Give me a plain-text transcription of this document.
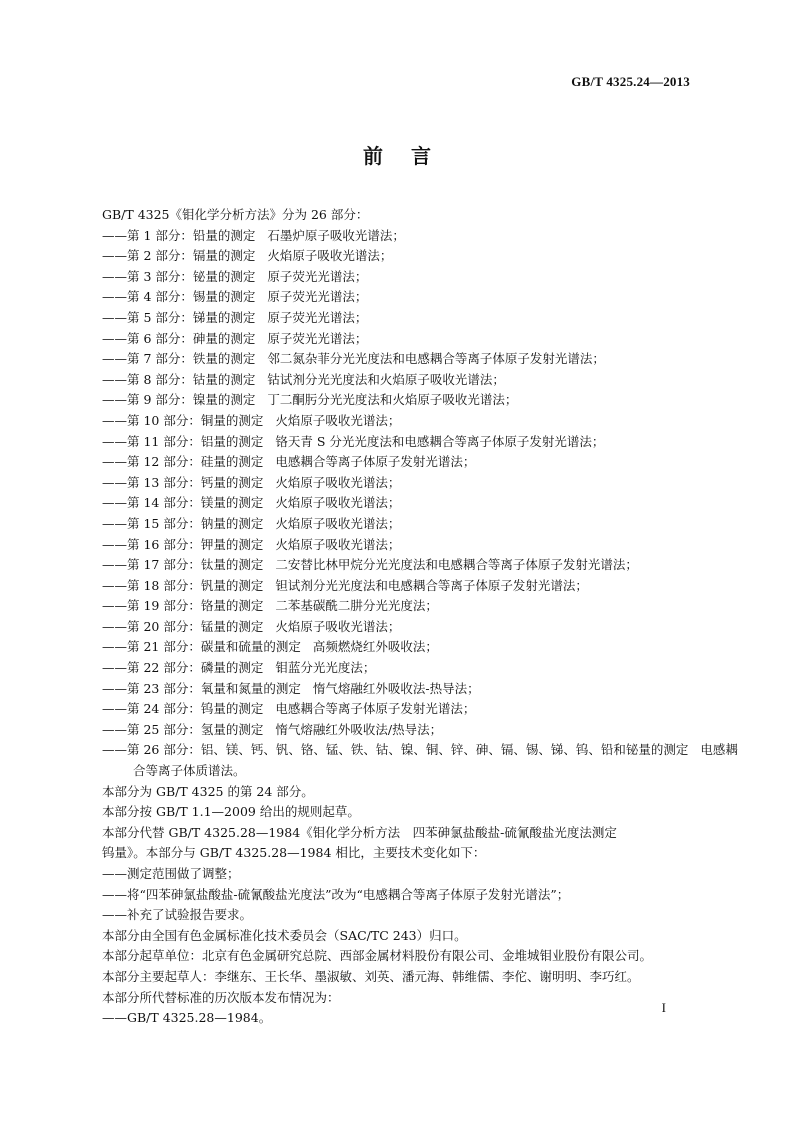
GB/T 4325.24—2013
前言
GB/T 4325《钼化学分析方法》分为 26 部分：
——第 1 部分：铅量的测定 石墨炉原子吸收光谱法；
——第 2 部分：镉量的测定 火焰原子吸收光谱法；
——第 3 部分：铋量的测定 原子荧光光谱法；
——第 4 部分：锡量的测定 原子荧光光谱法；
——第 5 部分：锑量的测定 原子荧光光谱法；
——第 6 部分：砷量的测定 原子荧光光谱法；
——第 7 部分：铁量的测定 邻二氮杂菲分光光度法和电感耦合等离子体原子发射光谱法；
——第 8 部分：钴量的测定 钴试剂分光光度法和火焰原子吸收光谱法；
——第 9 部分：镍量的测定 丁二酮肟分光光度法和火焰原子吸收光谱法；
——第 10 部分：铜量的测定 火焰原子吸收光谱法；
——第 11 部分：铝量的测定 铬天青 S 分光光度法和电感耦合等离子体原子发射光谱法；
——第 12 部分：硅量的测定 电感耦合等离子体原子发射光谱法；
——第 13 部分：钙量的测定 火焰原子吸收光谱法；
——第 14 部分：镁量的测定 火焰原子吸收光谱法；
——第 15 部分：钠量的测定 火焰原子吸收光谱法；
——第 16 部分：钾量的测定 火焰原子吸收光谱法；
——第 17 部分：钛量的测定 二安替比林甲烷分光光度法和电感耦合等离子体原子发射光谱法；
——第 18 部分：钒量的测定 钽试剂分光光度法和电感耦合等离子体原子发射光谱法；
——第 19 部分：铬量的测定 二苯基碳酰二肼分光光度法；
——第 20 部分：锰量的测定 火焰原子吸收光谱法；
——第 21 部分：碳量和硫量的测定 高频燃烧红外吸收法；
——第 22 部分：磷量的测定 钼蓝分光光度法；
——第 23 部分：氧量和氮量的测定 惰气熔融红外吸收法-热导法；
——第 24 部分：钨量的测定 电感耦合等离子体原子发射光谱法；
——第 25 部分：氢量的测定 惰气熔融红外吸收法/热导法；
——第 26 部分：铝、镁、钙、钒、铬、锰、铁、钴、镍、铜、锌、砷、镉、锡、锑、钨、铅和铋量的测定 电感耦
合等离子体质谱法。
本部分为 GB/T 4325 的第 24 部分。
本部分按 GB/T 1.1—2009 给出的规则起草。
本部分代替 GB/T 4325.28—1984《钼化学分析方法　四苯砷氯盐酸盐-硫氰酸盐光度法测定
钨量》。本部分与 GB/T 4325.28—1984 相比，主要技术变化如下：
——测定范围做了调整；
——将“四苯砷氯盐酸盐-硫氰酸盐光度法”改为“电感耦合等离子体原子发射光谱法”；
——补充了试验报告要求。
本部分由全国有色金属标准化技术委员会（SAC/TC 243）归口。
本部分起草单位：北京有色金属研究总院、西部金属材料股份有限公司、金堆城钼业股份有限公司。
本部分主要起草人：李继东、王长华、墨淑敏、刘英、潘元海、韩维儒、李佗、谢明明、李巧红。
本部分所代替标准的历次版本发布情况为：
——GB/T 4325.28—1984。
I
